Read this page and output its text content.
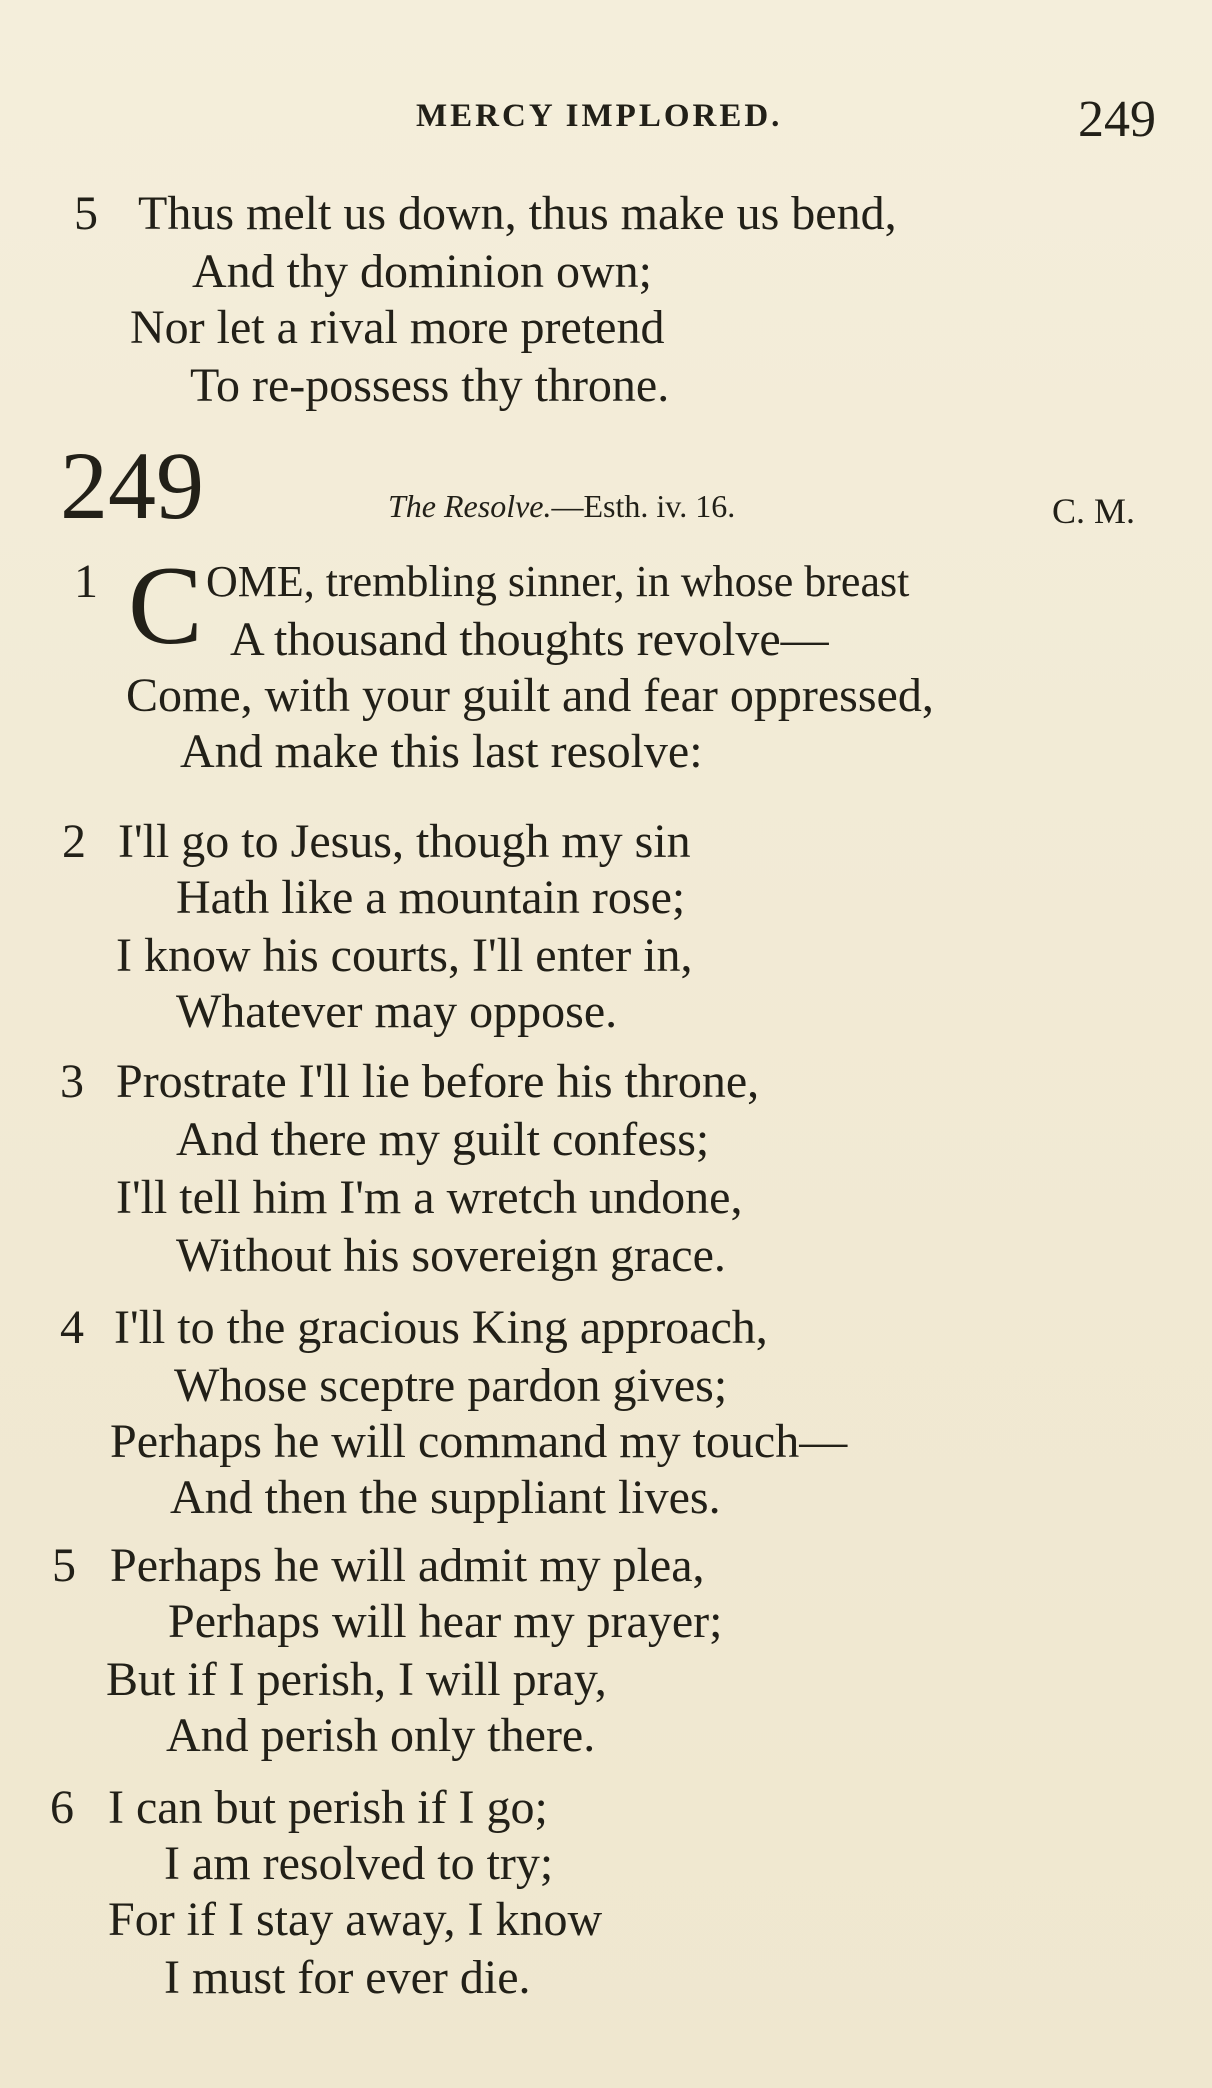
MERCY IMPLORED.	249
5 Thus melt us down, thus make us bend,
And thy dominion own;
Nor let a rival more pretend
To re-possess thy throne.
249	The Resolve.—Esth. iv. 16.	C. M.
1 C OME, trembling sinner, in whose breast
A thousand thoughts revolve—
Come, with your guilt and fear oppressed,
And make this last resolve:
2 I'll go to Jesus, though my sin
Hath like a mountain rose;
I know his courts, I'll enter in,
Whatever may oppose.
3 Prostrate I'll lie before his throne,
And there my guilt confess;
I'll tell him I'm a wretch undone,
Without his sovereign grace.
4 I'll to the gracious King approach,
Whose sceptre pardon gives;
Perhaps he will command my touch—
And then the suppliant lives.
5 Perhaps he will admit my plea,
Perhaps will hear my prayer;
But if I perish, I will pray,
And perish only there.
6 I can but perish if I go;
I am resolved to try;
For if I stay away, I know
I must for ever die.
